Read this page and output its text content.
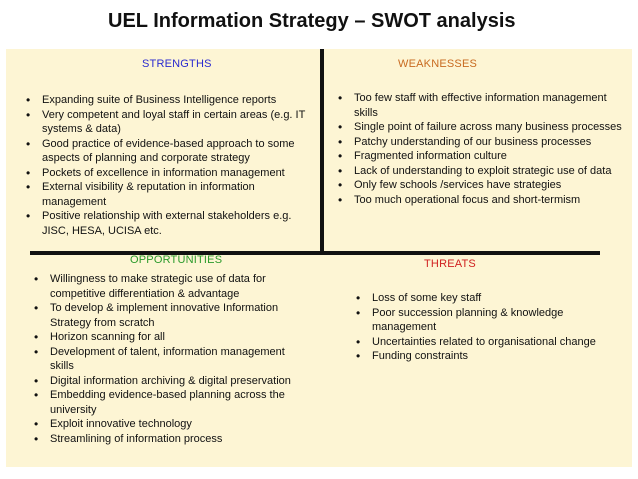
UEL Information Strategy – SWOT analysis
STRENGTHS
• Expanding suite of Business Intelligence reports
• Very competent and loyal staff in certain areas (e.g. IT systems & data)
• Good practice of evidence-based approach to some aspects of planning and corporate strategy
• Pockets of excellence in information management
• External visibility & reputation in information management
• Positive relationship with external stakeholders e.g. JISC, HESA, UCISA etc.
WEAKNESSES
• Too few staff with effective information management skills
• Single point of failure across many business processes
• Patchy understanding of our business processes
• Fragmented information culture
• Lack of understanding to exploit strategic use of data
• Only few schools /services have strategies
• Too much operational focus and short-termism
OPPORTUNITIES
• Willingness to make strategic use of data for competitive differentiation & advantage
• To develop & implement innovative Information Strategy from scratch
• Horizon scanning for all
• Development of talent, information management skills
• Digital information archiving & digital preservation
• Embedding evidence-based planning across the university
• Exploit innovative technology
• Streamlining of information process
THREATS
• Loss of some key staff
• Poor succession planning & knowledge management
• Uncertainties related to organisational change
• Funding constraints
